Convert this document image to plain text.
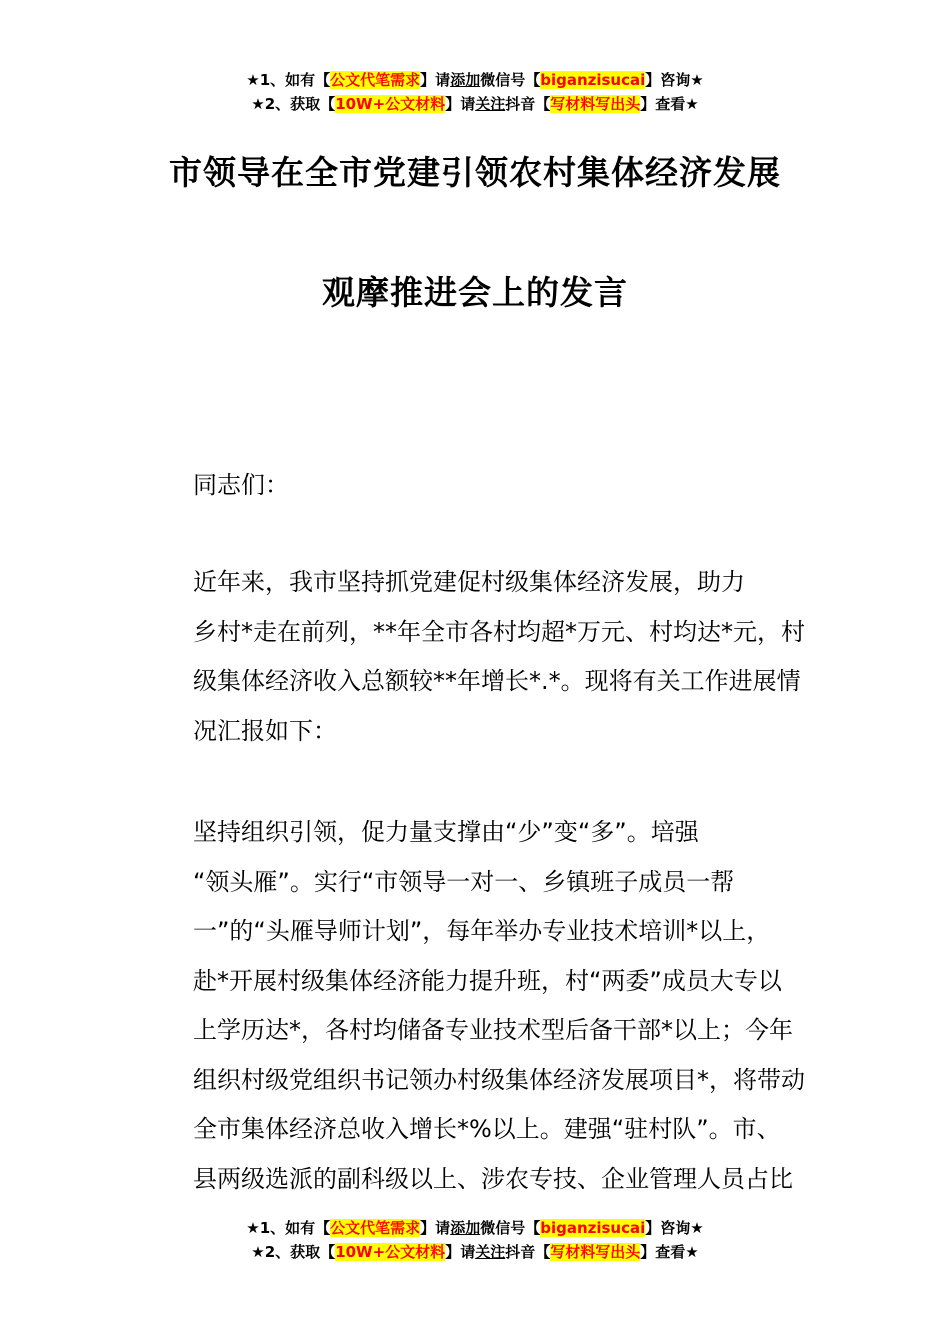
★1、如有【公文代笔需求】请添加微信号【biganzisucai】咨询★
★2、获取【10W+公文材料】请关注抖音【写材料写出头】查看★
市领导在全市党建引领农村集体经济发展
观摩推进会上的发言
同志们：
近年来，我市坚持抓党建促村级集体经济发展，助力
乡村*走在前列，**年全市各村均超*万元、村均达*元，村
级集体经济收入总额较**年增长*.*。现将有关工作进展情
况汇报如下：
坚持组织引领，促力量支撑由“少”变“多”。培强
“领头雁”。实行“市领导一对一、乡镇班子成员一帮
一”的“头雁导师计划”，每年举办专业技术培训*以上，
赴*开展村级集体经济能力提升班，村“两委”成员大专以
上学历达*，各村均储备专业技术型后备干部*以上；今年
组织村级党组织书记领办村级集体经济发展项目*，将带动
全市集体经济总收入增长*%以上。建强“驻村队”。市、
县两级选派的副科级以上、涉农专技、企业管理人员占比
★1、如有【公文代笔需求】请添加微信号【biganzisucai】咨询★
★2、获取【10W+公文材料】请关注抖音【写材料写出头】查看★
